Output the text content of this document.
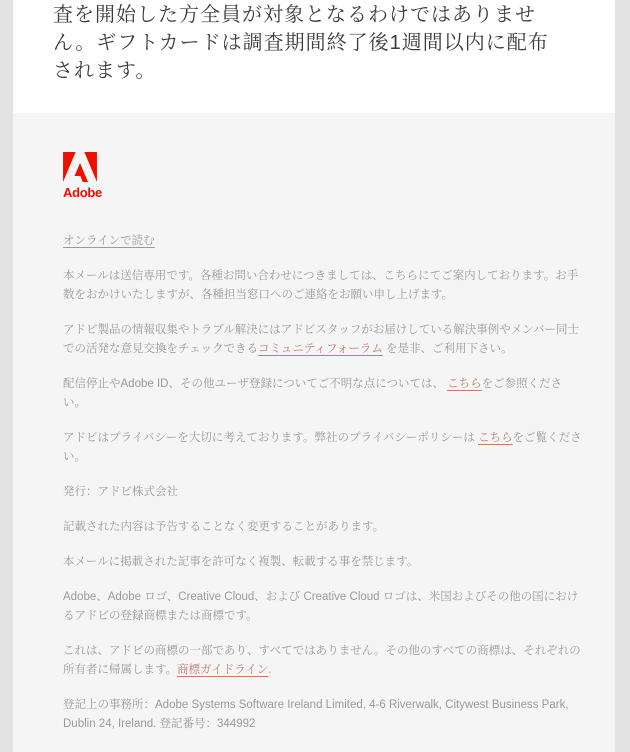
査を開始した方全員が対象となるわけではありません。ギフトカードは調査期間終了後1週間以内に配布されます。

Adobe

オンラインで読む

本メールは送信専用です。各種お問い合わせにつきましては、こちらにてご案内しております。お手数をおかけいたしますが、各種担当窓口へのご連絡をお願い申し上げます。

アドビ製品の情報収集やトラブル解決にはアドビスタッフがお届けしている解決事例やメンバー同士での活発な意見交換をチェックできるコミュニティフォーラム を是非、ご利用下さい。

配信停止やAdobe ID、その他ユーザ登録についてご不明な点については、 こちらをご参照ください。

アドビはプライバシーを大切に考えております。弊社のプライバシーポリシーは こちらをご覧ください。

発行：アドビ株式会社

記載された内容は予告することなく変更することがあります。

本メールに掲載された記事を許可なく複製、転載する事を禁じます。

Adobe、Adobe ロゴ、Creative Cloud、および Creative Cloud ロゴは、米国およびその他の国におけるアドビの登録商標または商標です。

これは、アドビの商標の一部であり、すべてではありません。その他のすべての商標は、それぞれの所有者に帰属します。商標ガイドライン.

登記上の事務所：Adobe Systems Software Ireland Limited, 4-6 Riverwalk, Citywest Business Park, Dublin 24, Ireland. 登記番号：344992
